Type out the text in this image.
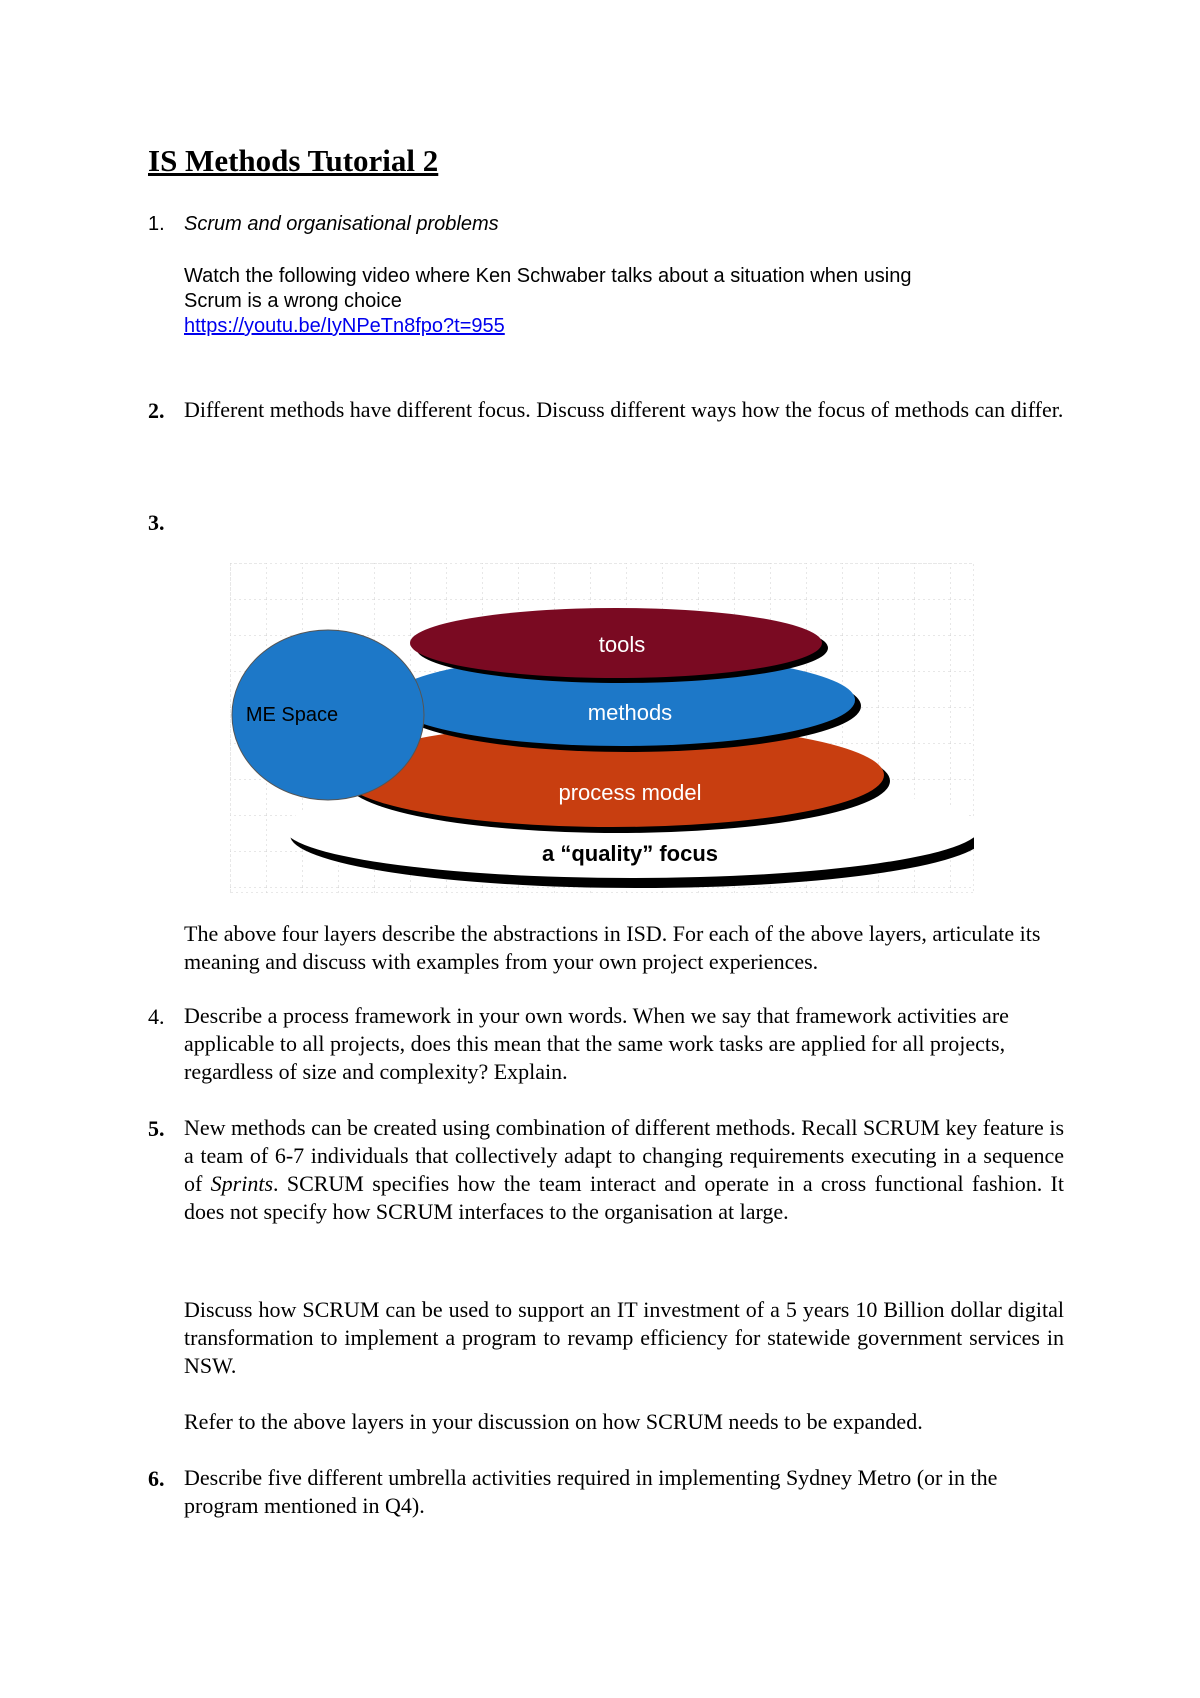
IS Methods Tutorial 2
1. Scrum and organisational problems
Watch the following video where Ken Schwaber talks about a situation when using
Scrum is a wrong choice
https://youtu.be/IyNPeTn8fpo?t=955
2. Different methods have different focus. Discuss different ways how the focus of methods can differ.
3.
tools
methods
process model
a “quality” focus
ME Space
The above four layers describe the abstractions in ISD. For each of the above layers, articulate its meaning and discuss with examples from your own project experiences.
4. Describe a process framework in your own words. When we say that framework activities are applicable to all projects, does this mean that the same work tasks are applied for all projects, regardless of size and complexity? Explain.
5. New methods can be created using combination of different methods. Recall SCRUM key feature is a team of 6-7 individuals that collectively adapt to changing requirements executing in a sequence of Sprints. SCRUM specifies how the team interact and operate in a cross functional fashion. It does not specify how SCRUM interfaces to the organisation at large.
Discuss how SCRUM can be used to support an IT investment of a 5 years 10 Billion dollar digital transformation to implement a program to revamp efficiency for statewide government services in NSW.
Refer to the above layers in your discussion on how SCRUM needs to be expanded.
6. Describe five different umbrella activities required in implementing Sydney Metro (or in the program mentioned in Q4).
